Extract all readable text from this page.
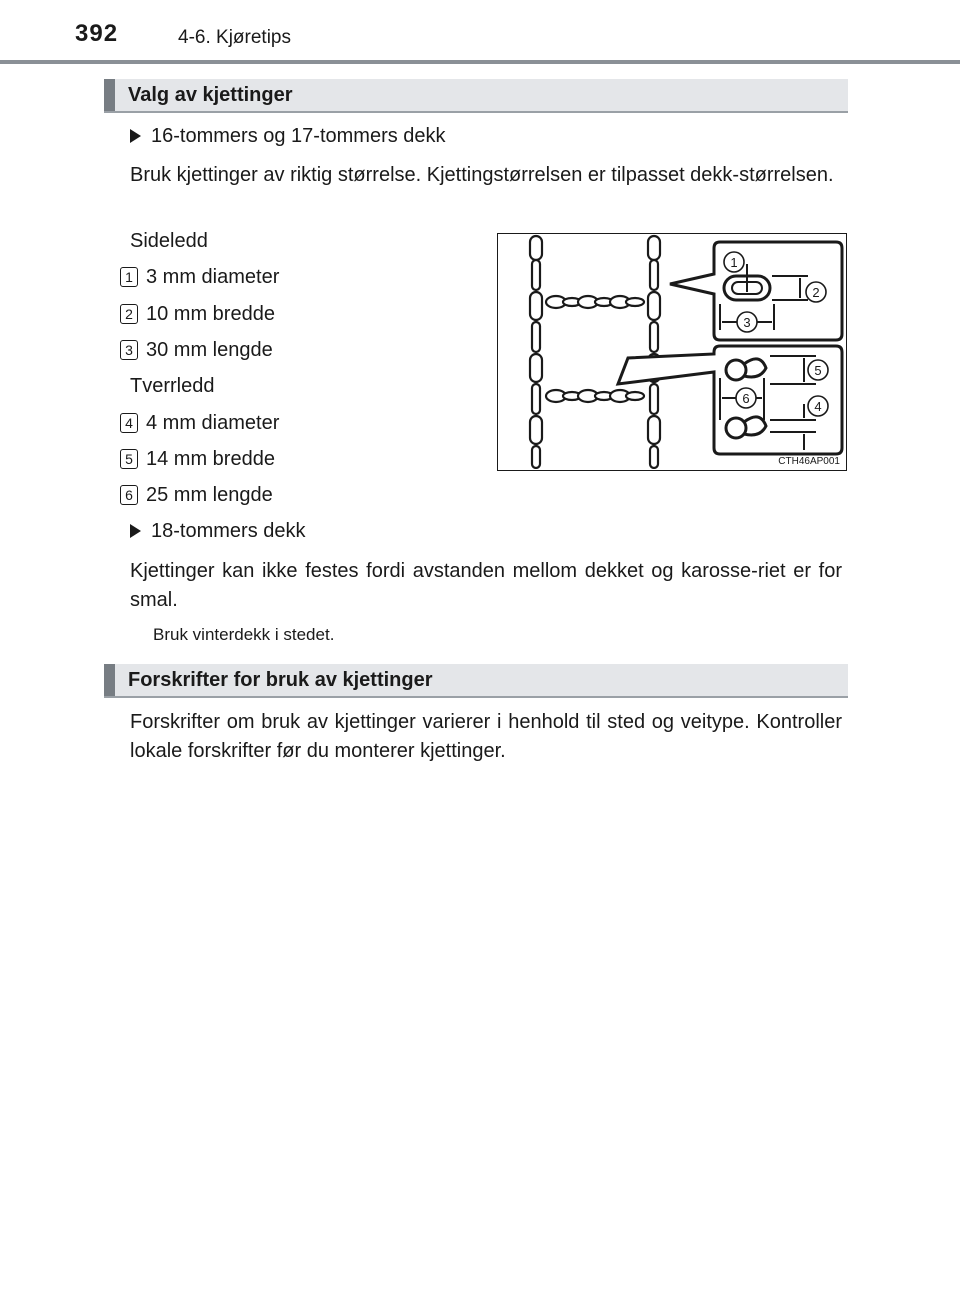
392	4-6. Kjøretips
Valg av kjettinger
16-tommers og 17-tommers dekk
Bruk kjettinger av riktig størrelse. Kjettingstørrelsen er tilpasset dekk-størrelsen.
Sideledd
1 3 mm diameter
2 10 mm bredde
3 30 mm lengde
Tverrledd
4 4 mm diameter
5 14 mm bredde
6 25 mm lengde
18-tommers dekk
Kjettinger kan ikke festes fordi avstanden mellom dekket og karosse-riet er for smal.
Bruk vinterdekk i stedet.
1
2
3
4
5
6
CTH46AP001
Forskrifter for bruk av kjettinger
Forskrifter om bruk av kjettinger varierer i henhold til sted og veitype. Kontroller lokale forskrifter før du monterer kjettinger.
